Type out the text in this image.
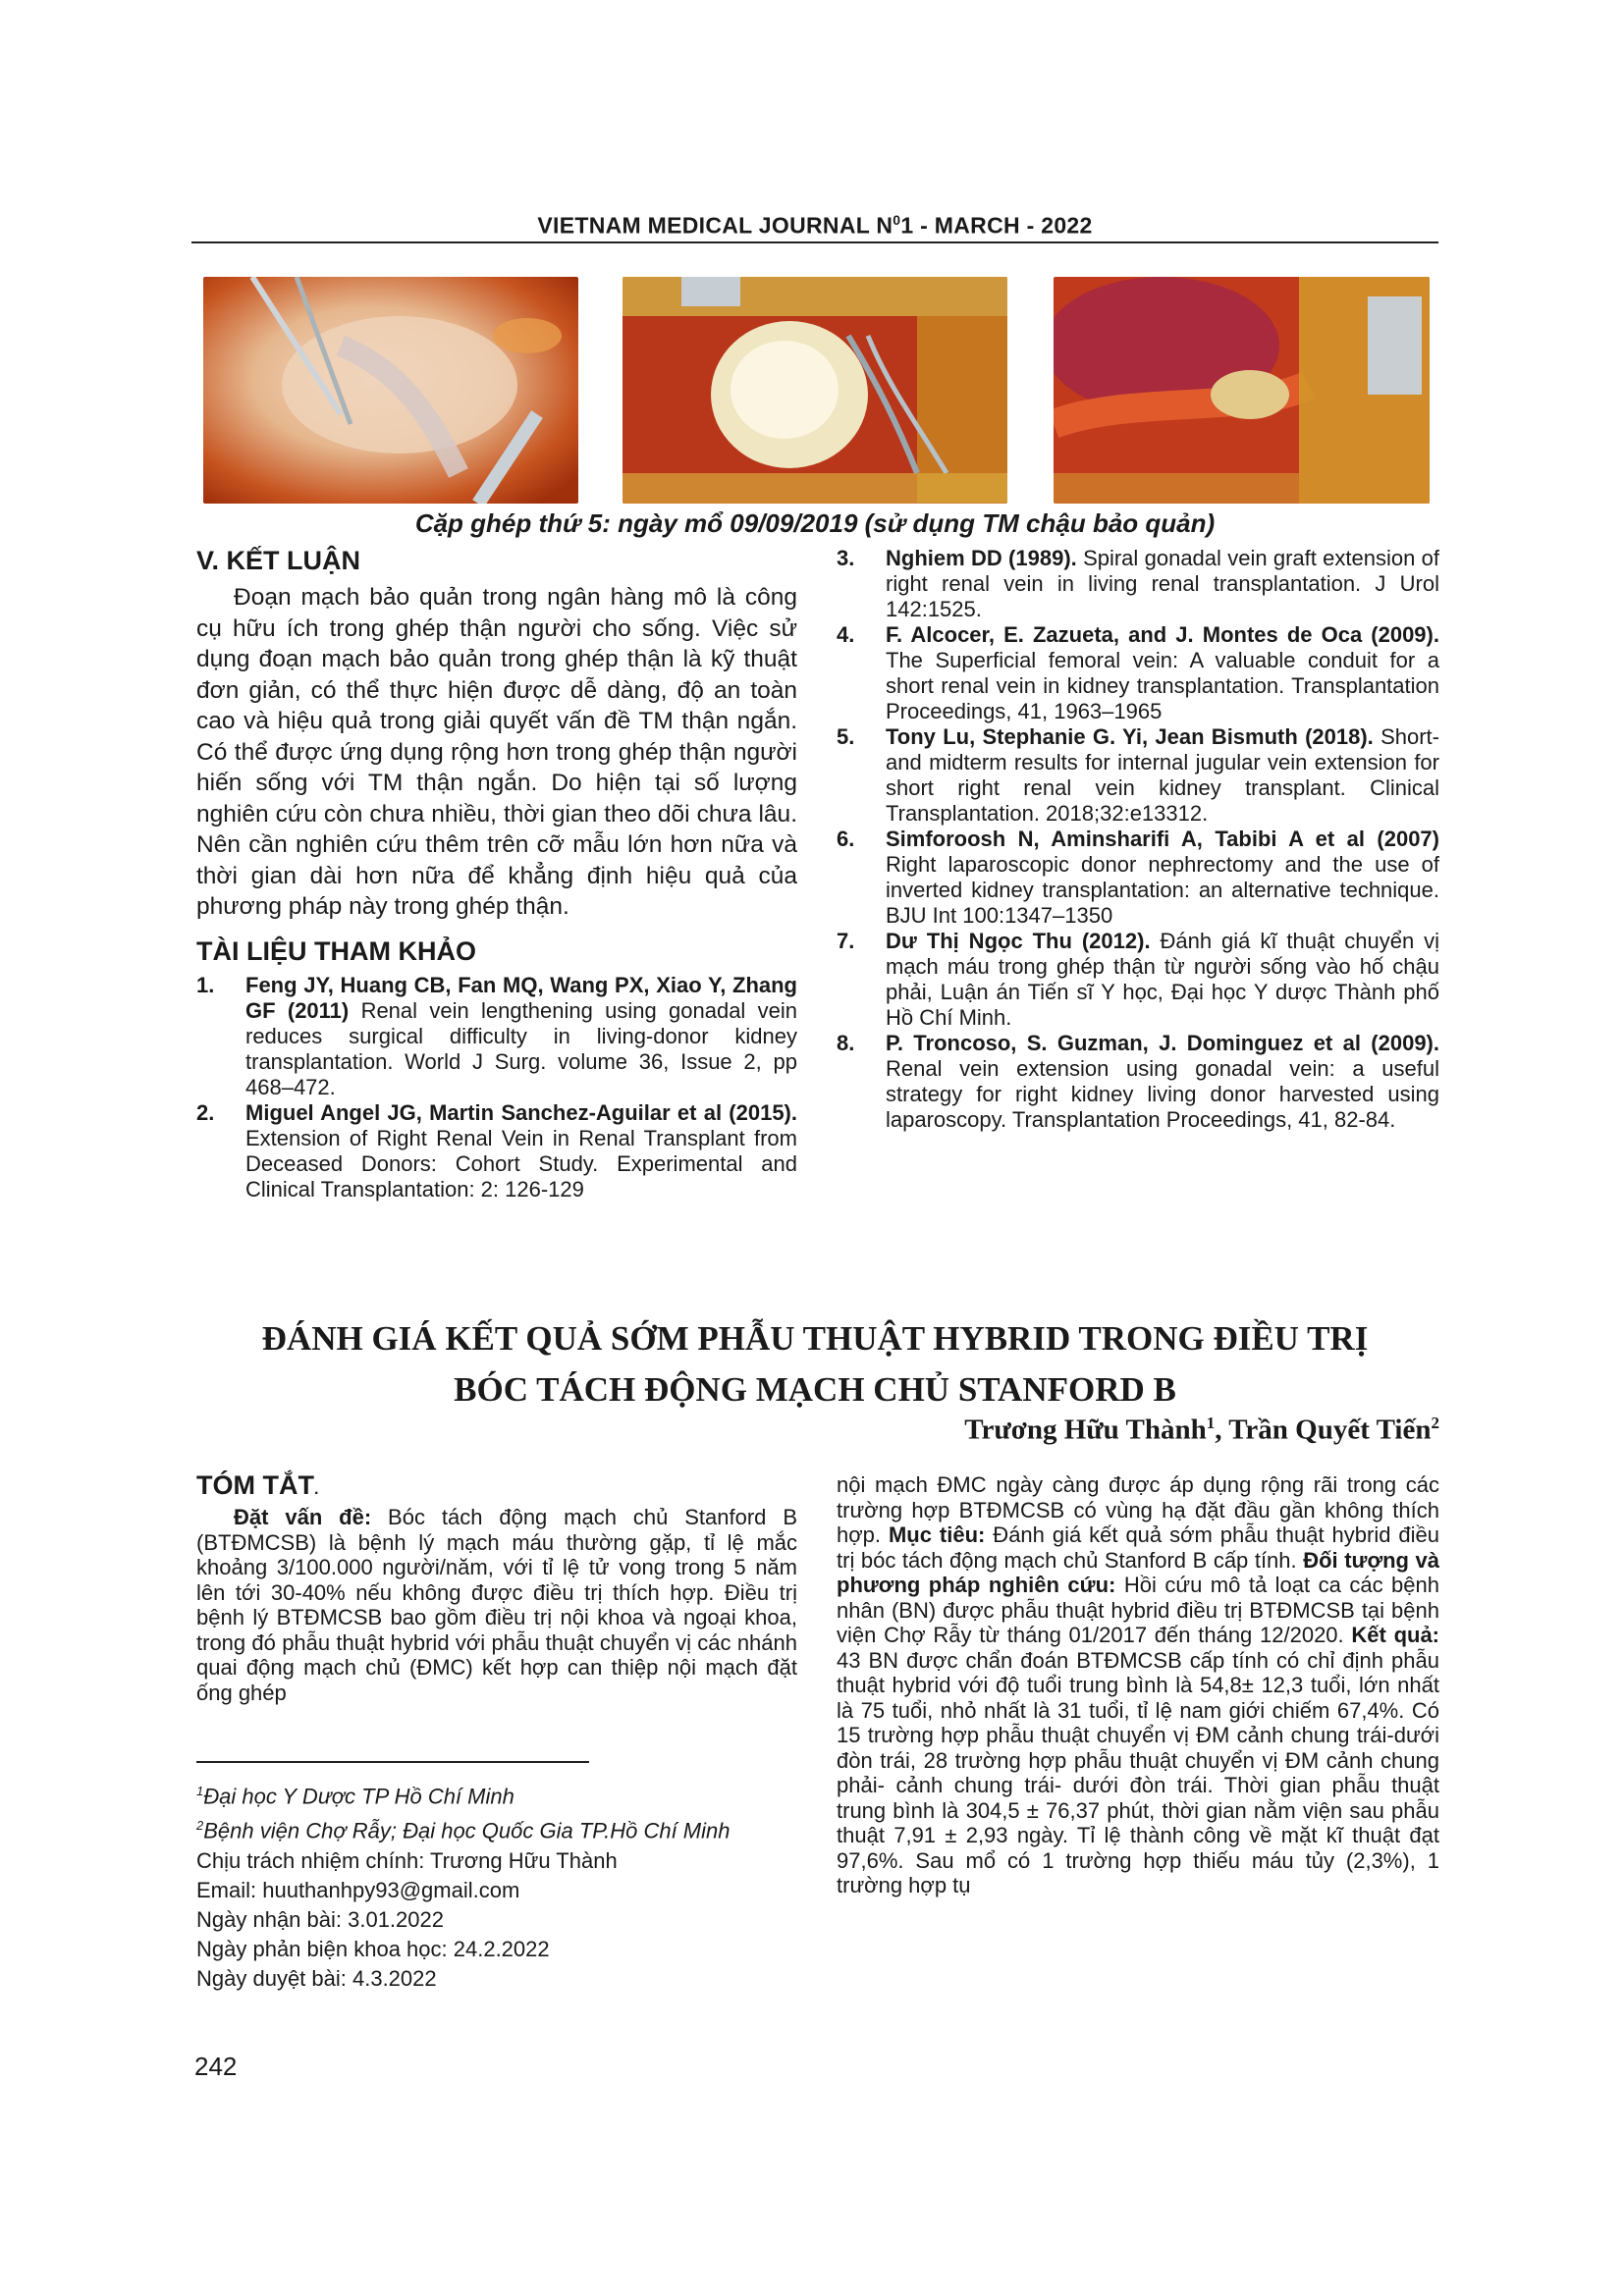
VIETNAM MEDICAL JOURNAL $N^01$ - MARCH - 2022
Cặp ghép thứ 5: ngày mổ 09/09/2019 (sử dụng TM chậu bảo quản)
V. KẾT LUẬN

Đoạn mạch bảo quản trong ngân hàng mô là công cụ hữu ích trong ghép thận người cho sống. Việc sử dụng đoạn mạch bảo quản trong ghép thận là kỹ thuật đơn giản, có thể thực hiện được dễ dàng, độ an toàn cao và hiệu quả trong giải quyết vấn đề TM thận ngắn. Có thể được ứng dụng rộng hơn trong ghép thận người hiến sống với TM thận ngắn. Do hiện tại số lượng nghiên cứu còn chưa nhiều, thời gian theo dõi chưa lâu. Nên cần nghiên cứu thêm trên cỡ mẫu lớn hơn nữa và thời gian dài hơn nữa để khẳng định hiệu quả của phương pháp này trong ghép thận.

TÀI LIỆU THAM KHẢO
1. Feng JY, Huang CB, Fan MQ, Wang PX, Xiao Y, Zhang GF (2011) Renal vein lengthening using gonadal vein reduces surgical difficulty in living-donor kidney transplantation. World J Surg. volume 36, Issue 2, pp 468–472.
2. Miguel Angel JG, Martin Sanchez-Aguilar et al (2015). Extension of Right Renal Vein in Renal Transplant from Deceased Donors: Cohort Study. Experimental and Clinical Transplantation: 2: 126-129
3. Nghiem DD (1989). Spiral gonadal vein graft extension of right renal vein in living renal transplantation. J Urol 142:1525.
4. F. Alcocer, E. Zazueta, and J. Montes de Oca (2009). The Superficial femoral vein: A valuable conduit for a short renal vein in kidney transplantation. Transplantation Proceedings, 41, 1963–1965
5. Tony Lu, Stephanie G. Yi, Jean Bismuth (2018). Short- and midterm results for internal jugular vein extension for short right renal vein kidney transplant. Clinical Transplantation. 2018;32:e13312.
6. Simforoosh N, Aminsharifi A, Tabibi A et al (2007) Right laparoscopic donor nephrectomy and the use of inverted kidney transplantation: an alternative technique. BJU Int 100:1347–1350
7. Dư Thị Ngọc Thu (2012). Đánh giá kĩ thuật chuyển vị mạch máu trong ghép thận từ người sống vào hố chậu phải, Luận án Tiến sĩ Y học, Đại học Y dược Thành phố Hồ Chí Minh.
8. P. Troncoso, S. Guzman, J. Dominguez et al (2009). Renal vein extension using gonadal vein: a useful strategy for right kidney living donor harvested using laparoscopy. Transplantation Proceedings, 41, 82-84.
ĐÁNH GIÁ KẾT QUẢ SỚM PHẪU THUẬT HYBRID TRONG ĐIỀU TRỊ
BÓC TÁCH ĐỘNG MẠCH CHỦ STANFORD B
Trương Hữu Thành$^1$, Trần Quyết Tiến$^2$
TÓM TẮT.

Đặt vấn đề: Bóc tách động mạch chủ Stanford B (BTĐMCSB) là bệnh lý mạch máu thường gặp, tỉ lệ mắc khoảng 3/100.000 người/năm, với tỉ lệ tử vong trong 5 năm lên tới 30-40% nếu không được điều trị thích hợp. Điều trị bệnh lý BTĐMCSB bao gồm điều trị nội khoa và ngoại khoa, trong đó phẫu thuật hybrid với phẫu thuật chuyển vị các nhánh quai động mạch chủ (ĐMC) kết hợp can thiệp nội mạch đặt ống ghép

nội mạch ĐMC ngày càng được áp dụng rộng rãi trong các trường hợp BTĐMCSB có vùng hạ đặt đầu gần không thích hợp. Mục tiêu: Đánh giá kết quả sớm phẫu thuật hybrid điều trị bóc tách động mạch chủ Stanford B cấp tính. Đối tượng và phương pháp nghiên cứu: Hồi cứu mô tả loạt ca các bệnh nhân (BN) được phẫu thuật hybrid điều trị BTĐMCSB tại bệnh viện Chợ Rẫy từ tháng 01/2017 đến tháng 12/2020. Kết quả: 43 BN được chẩn đoán BTĐMCSB cấp tính có chỉ định phẫu thuật hybrid với độ tuổi trung bình là 54,8± 12,3 tuổi, lớn nhất là 75 tuổi, nhỏ nhất là 31 tuổi, tỉ lệ nam giới chiếm 67,4%. Có 15 trường hợp phẫu thuật chuyển vị ĐM cảnh chung trái-dưới đòn trái, 28 trường hợp phẫu thuật chuyển vị ĐM cảnh chung phải- cảnh chung trái- dưới đòn trái. Thời gian phẫu thuật trung bình là 304,5 ± 76,37 phút, thời gian nằm viện sau phẫu thuật 7,91 ± 2,93 ngày. Tỉ lệ thành công về mặt kĩ thuật đạt 97,6%. Sau mổ có 1 trường hợp thiếu máu tủy (2,3%), 1 trường hợp tụ

$^1$Đại học Y Dược TP Hồ Chí Minh
$^2$Bệnh viện Chợ Rẫy; Đại học Quốc Gia TP.Hồ Chí Minh
Chịu trách nhiệm chính: Trương Hữu Thành
Email: huuthanhpy93@gmail.com
Ngày nhận bài: 3.01.2022
Ngày phản biện khoa học: 24.2.2022
Ngày duyệt bài: 4.3.2022
242
